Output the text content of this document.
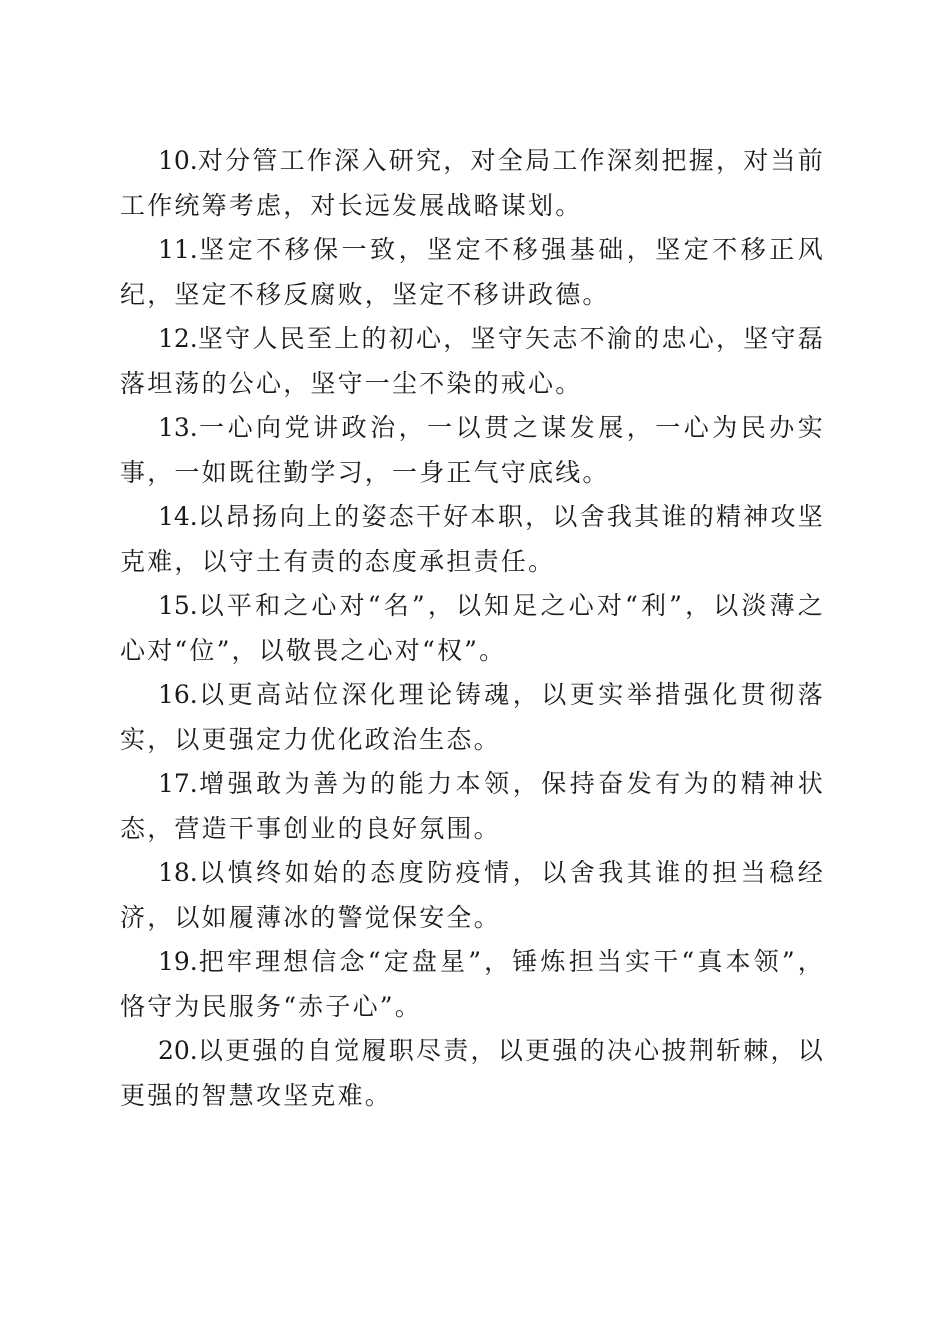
10.对分管工作深入研究，对全局工作深刻把握，对当前工作统筹考虑，对长远发展战略谋划。

11.坚定不移保一致，坚定不移强基础，坚定不移正风纪，坚定不移反腐败，坚定不移讲政德。

12.坚守人民至上的初心，坚守矢志不渝的忠心，坚守磊落坦荡的公心，坚守一尘不染的戒心。

13.一心向党讲政治，一以贯之谋发展，一心为民办实事，一如既往勤学习，一身正气守底线。

14.以昂扬向上的姿态干好本职，以舍我其谁的精神攻坚克难，以守土有责的态度承担责任。

15.以平和之心对“名”，以知足之心对“利”，以淡薄之心对“位”，以敬畏之心对“权”。

16.以更高站位深化理论铸魂，以更实举措强化贯彻落实，以更强定力优化政治生态。

17.增强敢为善为的能力本领，保持奋发有为的精神状态，营造干事创业的良好氛围。

18.以慎终如始的态度防疫情，以舍我其谁的担当稳经济，以如履薄冰的警觉保安全。

19.把牢理想信念“定盘星”，锤炼担当实干“真本领”，恪守为民服务“赤子心”。

20.以更强的自觉履职尽责，以更强的决心披荆斩棘，以更强的智慧攻坚克难。
